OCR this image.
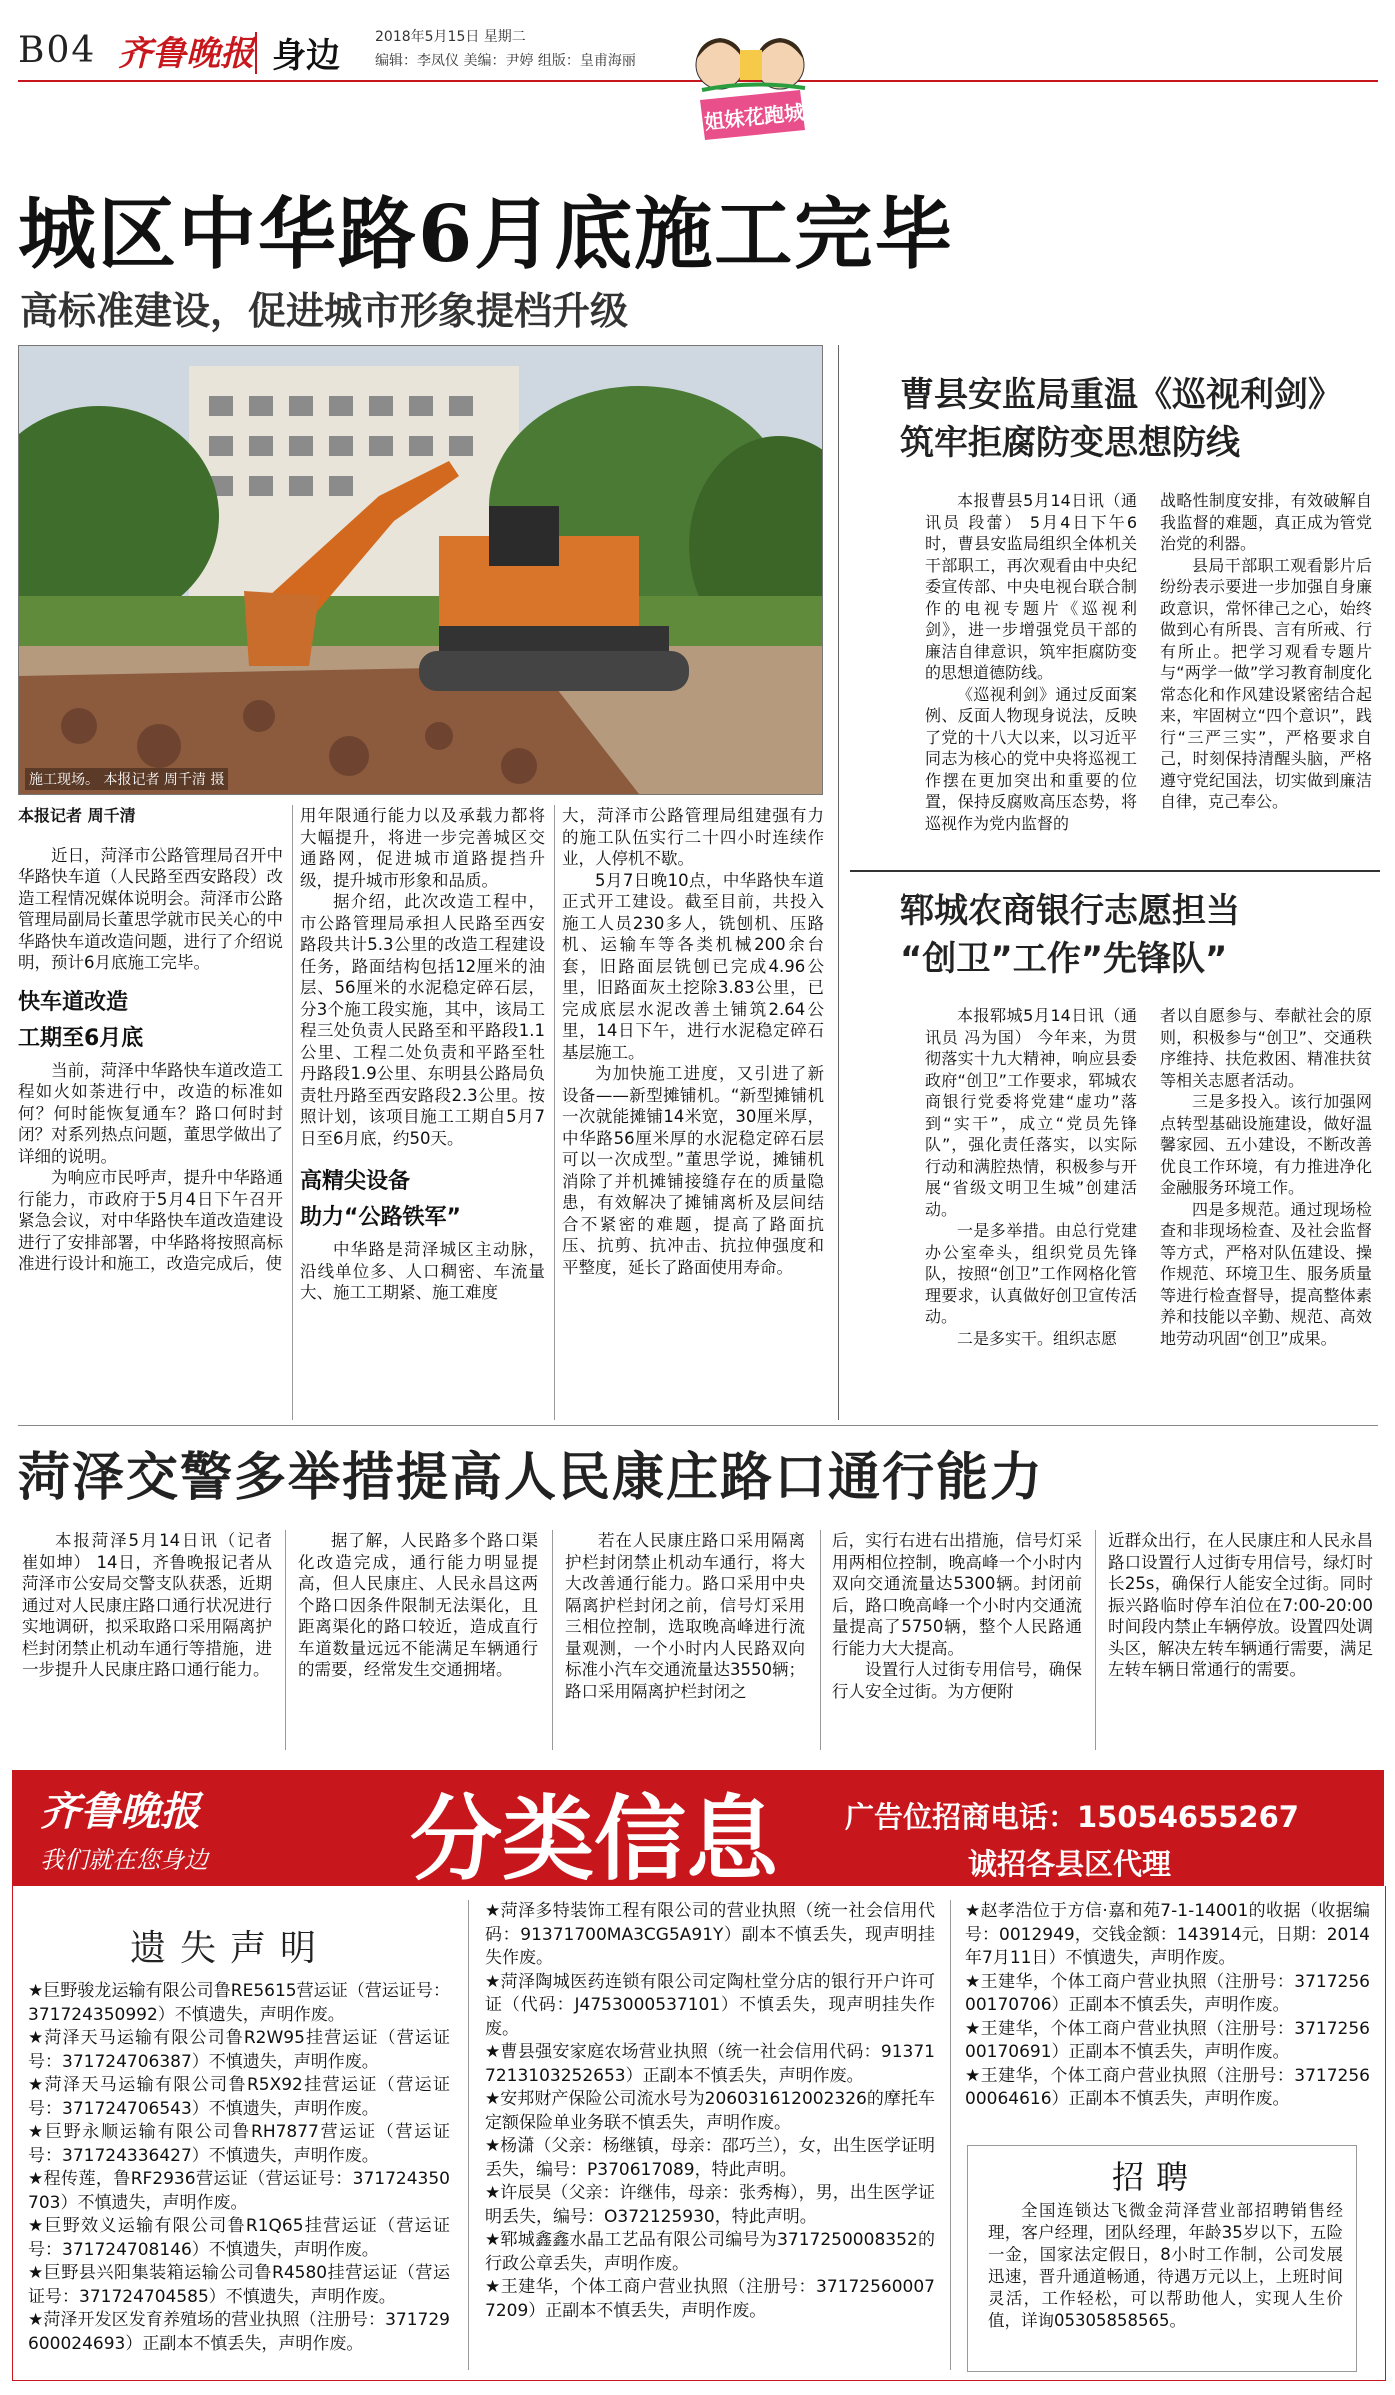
B04 齐鲁晚报 身边	2018年5月15日 星期二
编辑：李凤仪 美编：尹婷 组版：皇甫海丽
姐妹花跑城建
城区中华路6月底施工完毕
高标准建设，促进城市形象提档升级
施工现场。 本报记者 周千清 摄
本报记者 周千清

近日，菏泽市公路管理局召开中华路快车道（人民路至西安路段）改造工程情况媒体说明会。菏泽市公路管理局副局长董思学就市民关心的中华路快车道改造问题，进行了介绍说明，预计6月底施工完毕。

快车道改造
工期至6月底

当前，菏泽中华路快车道改造工程如火如荼进行中，改造的标准如何？何时能恢复通车？路口何时封闭？对系列热点问题，董思学做出了详细的说明。

为响应市民呼声，提升中华路通行能力，市政府于5月4日下午召开紧急会议，对中华路快车道改造建设进行了安排部署，中华路将按照高标准进行设计和施工，改造完成后，使

用年限通行能力以及承载力都将大幅提升，将进一步完善城区交通路网，促进城市道路提挡升级，提升城市形象和品质。

据介绍，此次改造工程中，市公路管理局承担人民路至西安路段共计5.3公里的改造工程建设任务，路面结构包括12厘米的油层、56厘米的水泥稳定碎石层，分3个施工段实施，其中，该局工程三处负责人民路至和平路段1.1公里、工程二处负责和平路至牡丹路段1.9公里、东明县公路局负责牡丹路至西安路段2.3公里。按照计划，该项目施工工期自5月7日至6月底，约50天。

高精尖设备
助力“公路铁军”

中华路是菏泽城区主动脉，沿线单位多、人口稠密、车流量大、施工工期紧、施工难度

大，菏泽市公路管理局组建强有力的施工队伍实行二十四小时连续作业，人停机不歇。

5月7日晚10点，中华路快车道正式开工建设。截至目前，共投入施工人员230多人，铣刨机、压路机、运输车等各类机械200余台套，旧路面层铣刨已完成4.96公里，旧路面灰土挖除3.83公里，已完成底层水泥改善土铺筑2.64公里，14日下午，进行水泥稳定碎石基层施工。

为加快施工进度，又引进了新设备——新型摊铺机。“新型摊铺机一次就能摊铺14米宽，30厘米厚，中华路56厘米厚的水泥稳定碎石层可以一次成型。”董思学说，摊铺机消除了并机摊铺接缝存在的质量隐患，有效解决了摊铺离析及层间结合不紧密的难题，提高了路面抗压、抗剪、抗冲击、抗拉伸强度和平整度，延长了路面使用寿命。

曹县安监局重温《巡视利剑》
筑牢拒腐防变思想防线

本报曹县5月14日讯（通讯员 段蕾） 5月4日下午6时，曹县安监局组织全体机关干部职工，再次观看由中央纪委宣传部、中央电视台联合制作的电视专题片《巡视利剑》，进一步增强党员干部的廉洁自律意识，筑牢拒腐防变的思想道德防线。

《巡视利剑》通过反面案例、反面人物现身说法，反映了党的十八大以来，以习近平同志为核心的党中央将巡视工作摆在更加突出和重要的位置，保持反腐败高压态势，将巡视作为党内监督的

战略性制度安排，有效破解自我监督的难题，真正成为管党治党的利器。

县局干部职工观看影片后纷纷表示要进一步加强自身廉政意识，常怀律己之心，始终做到心有所畏、言有所戒、行有所止。把学习观看专题片与“两学一做”学习教育制度化常态化和作风建设紧密结合起来，牢固树立“四个意识”，践行“三严三实”，严格要求自己，时刻保持清醒头脑，严格遵守党纪国法，切实做到廉洁自律，克己奉公。

郓城农商银行志愿担当
“创卫”工作”先锋队”

本报郓城5月14日讯（通讯员 冯为国） 今年来，为贯彻落实十九大精神，响应县委政府“创卫”工作要求，郓城农商银行党委将党建“虚功”落到“实干”，成立“党员先锋队”，强化责任落实，以实际行动和满腔热情，积极参与开展“省级文明卫生城”创建活动。

一是多举措。由总行党建办公室牵头，组织党员先锋队，按照“创卫”工作网格化管理要求，认真做好创卫宣传活动。

二是多实干。组织志愿

者以自愿参与、奉献社会的原则，积极参与“创卫”、交通秩序维持、扶危救困、精准扶贫等相关志愿者活动。

三是多投入。该行加强网点转型基础设施建设，做好温馨家园、五小建设，不断改善优良工作环境，有力推进净化金融服务环境工作。

四是多规范。通过现场检查和非现场检查、及社会监督等方式，严格对队伍建设、操作规范、环境卫生、服务质量等进行检查督导，提高整体素养和技能以辛勤、规范、高效地劳动巩固“创卫”成果。

菏泽交警多举措提高人民康庄路口通行能力

本报菏泽5月14日讯（记者 崔如坤） 14日，齐鲁晚报记者从菏泽市公安局交警支队获悉，近期通过对人民康庄路口通行状况进行实地调研，拟采取路口采用隔离护栏封闭禁止机动车通行等措施，进一步提升人民康庄路口通行能力。

据了解，人民路多个路口渠化改造完成，通行能力明显提高，但人民康庄、人民永昌这两个路口因条件限制无法渠化，且距离渠化的路口较近，造成直行车道数量远远不能满足车辆通行的需要，经常发生交通拥堵。

若在人民康庄路口采用隔离护栏封闭禁止机动车通行，将大大改善通行能力。路口采用中央隔离护栏封闭之前，信号灯采用三相位控制，选取晚高峰进行流量观测，一个小时内人民路双向标准小汽车交通流量达3550辆；路口采用隔离护栏封闭之

后，实行右进右出措施，信号灯采用两相位控制，晚高峰一个小时内双向交通流量达5300辆。封闭前后，路口晚高峰一个小时内交通流量提高了5750辆，整个人民路通行能力大大提高。

设置行人过街专用信号，确保行人安全过街。为方便附

近群众出行，在人民康庄和人民永昌路口设置行人过街专用信号，绿灯时长25s，确保行人能安全过街。同时振兴路临时停车泊位在7:00-20:00时间段内禁止车辆停放。设置四处调头区，解决左转车辆通行需要，满足左转车辆日常通行的需要。

齐鲁晚报
我们就在您身边 分类信息 广告位招商电话：15054655267
诚招各县区代理
遗失声明

★巨野骏龙运输有限公司鲁RE5615营运证（营运证号：371724350992）不慎遗失，声明作废。

★菏泽天马运输有限公司鲁R2W95挂营运证（营运证号：371724706387）不慎遗失，声明作废。

★菏泽天马运输有限公司鲁R5X92挂营运证（营运证号：371724706543）不慎遗失，声明作废。

★巨野永顺运输有限公司鲁RH7877营运证（营运证号：371724336427）不慎遗失，声明作废。

★程传莲，鲁RF2936营运证（营运证号：371724350703）不慎遗失，声明作废。

★巨野效义运输有限公司鲁R1Q65挂营运证（营运证号：371724708146）不慎遗失，声明作废。

★巨野县兴阳集装箱运输公司鲁R4580挂营运证（营运证号：371724704585）不慎遗失，声明作废。

★菏泽开发区发育养殖场的营业执照（注册号：371729600024693）正副本不慎丢失，声明作废。

★菏泽多特装饰工程有限公司的营业执照（统一社会信用代码：91371700MA3CG5A91Y）副本不慎丢失，现声明挂失作废。

★菏泽陶城医药连锁有限公司定陶杜堂分店的银行开户许可证（代码：J4753000537101）不慎丢失，现声明挂失作废。

★曹县强安家庭农场营业执照（统一社会信用代码：91371721310325265​3）正副本不慎丢失，声明作废。

★安邦财产保险公司流水号为206031612002326的摩托车定额保险单业务联不慎丢失，声明作废。

★杨潇（父亲：杨继镇，母亲：邵巧兰），女，出生医学证明丢失，编号：P370617089，特此声明。

★许辰昊（父亲：许继伟，母亲：张秀梅），男，出生医学证明丢失，编号：O372125930，特此声明。

★郓城鑫鑫水晶工艺品有限公司编号为3717250008352的行政公章丢失，声明作废。

★王建华，个体工商户营业执照（注册号：371725600077209）正副本不慎丢失，声明作废。

★赵孝浩位于方信·嘉和苑7-1-14001的收据（收据编号：0012949，交钱金额：143914元，日期：2014年7月11日）不慎遗失，声明作废。

★王建华，个体工商户营业执照（注册号：371725600170706）正副本不慎丢失，声明作废。

★王建华，个体工商户营业执照（注册号：371725600170691）正副本不慎丢失，声明作废。

★王建华，个体工商户营业执照（注册号：371725600064616）正副本不慎丢失，声明作废。

招聘
全国连锁达飞微金菏泽营业部招聘销售经理，客户经理，团队经理，年龄35岁以下，五险一金，国家法定假日，8小时工作制，公司发展迅速，晋升通道畅通，待遇万元以上，上班时间灵活，工作轻松，可以帮助他人，实现人生价值，详询05305858565。
